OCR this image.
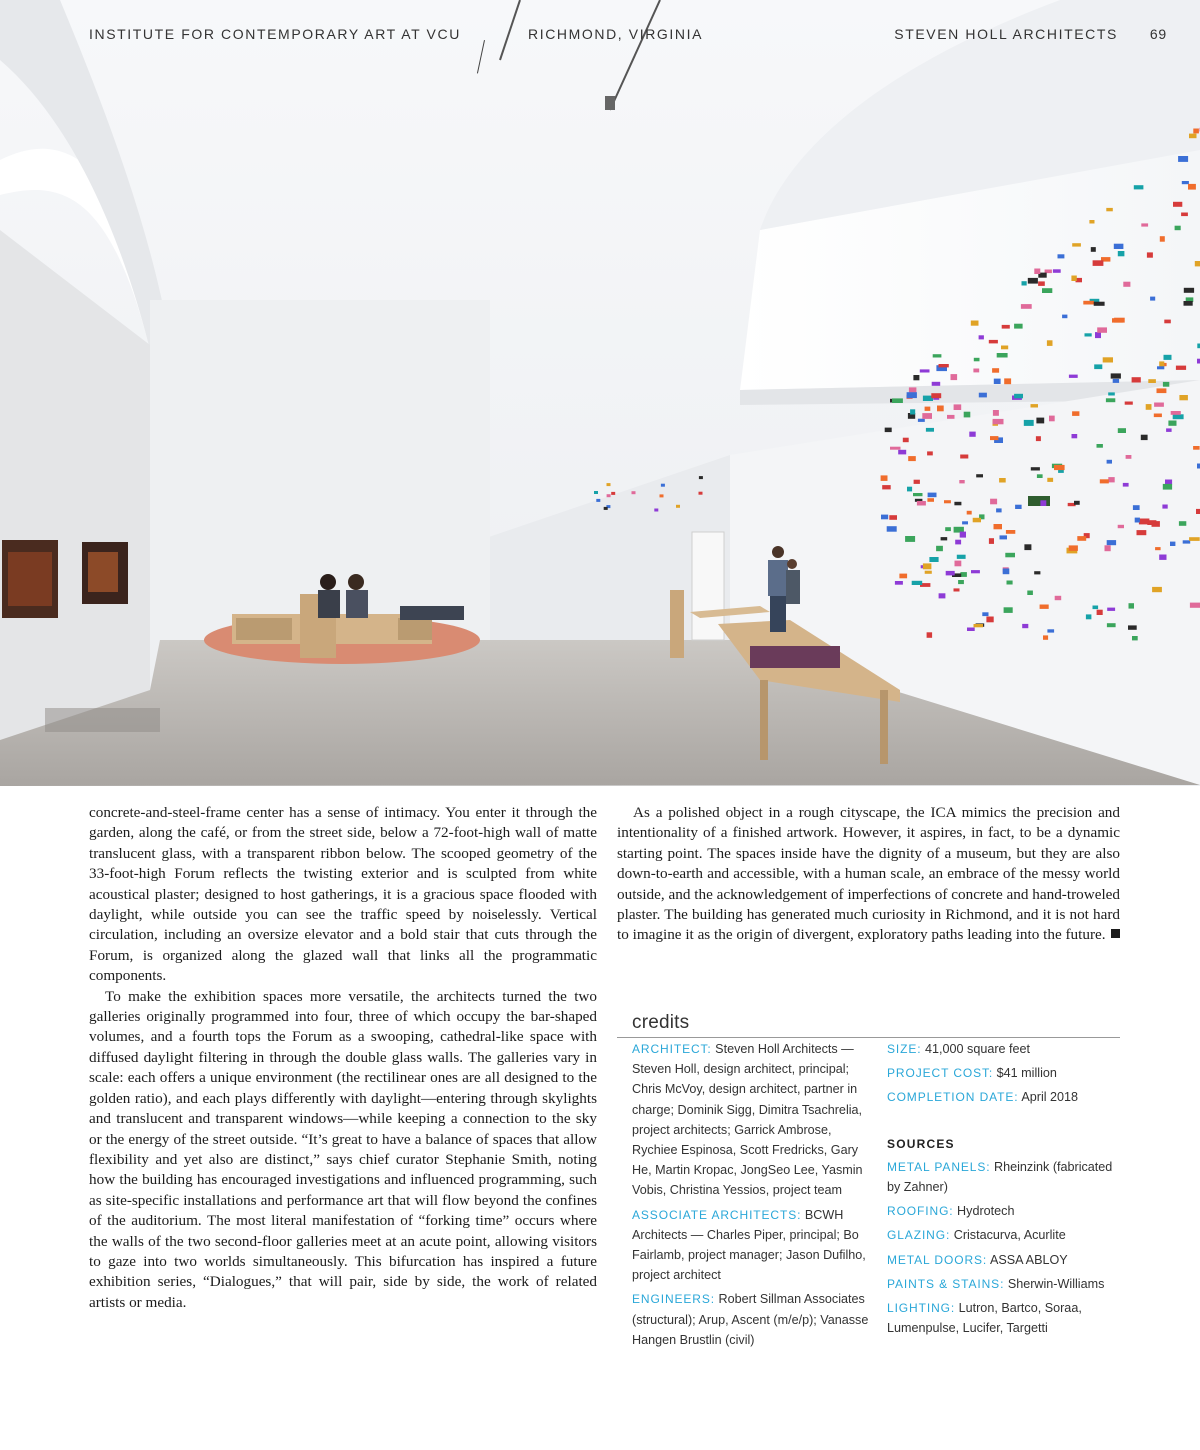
INSTITUTE FOR CONTEMPORARY ART AT VCU	RICHMOND, VIRGINIA	STEVEN HOLL ARCHITECTS 69

concrete-and-steel-frame center has a sense of intimacy. You enter it through the garden, along the café, or from the street side, below a 72-foot-high wall of matte translucent glass, with a transparent ribbon below. The scooped geometry of the 33-foot-high Forum reflects the twisting exterior and is sculpted from white acoustical plaster; designed to host gatherings, it is a gracious space flooded with daylight, while outside you can see the traffic speed by noiselessly. Vertical circulation, including an oversize elevator and a bold stair that cuts through the Forum, is organized along the glazed wall that links all the programmatic components.

To make the exhibition spaces more versatile, the architects turned the two galleries originally programmed into four, three of which occupy the bar-shaped volumes, and a fourth tops the Forum as a swooping, cathedral-like space with diffused daylight filtering in through the double glass walls. The galleries vary in scale: each offers a unique environment (the rectilinear ones are all designed to the golden ratio), and each plays differently with daylight—entering through skylights and translucent and transparent windows—while keeping a connection to the sky or the energy of the street outside. “It’s great to have a balance of spaces that allow flexibility and yet also are distinct,” says chief curator Stephanie Smith, noting how the building has encouraged investigations and influenced programming, such as site-specific installations and performance art that will flow beyond the confines of the auditorium. The most literal manifestation of “forking time” occurs where the walls of the two second-floor galleries meet at an acute point, allowing visitors to gaze into two worlds simultaneously. This bifurcation has inspired a future exhibition series, “Dialogues,” that will pair, side by side, the work of related artists or media.

As a polished object in a rough cityscape, the ICA mimics the precision and intentionality of a finished artwork. However, it aspires, in fact, to be a dynamic starting point. The spaces inside have the dignity of a museum, but they are also down-to-earth and accessible, with a human scale, an embrace of the messy world outside, and the acknowledgement of imperfections of concrete and hand-troweled plaster. The building has generated much curiosity in Richmond, and it is not hard to imagine it as the origin of divergent, exploratory paths leading into the future.

credits

ARCHITECT: Steven Holl Architects — Steven Holl, design architect, principal; Chris McVoy, design architect, partner in charge; Dominik Sigg, Dimitra Tsachrelia, project architects; Garrick Ambrose, Rychiee Espinosa, Scott Fredricks, Gary He, Martin Kropac, JongSeo Lee, Yasmin Vobis, Christina Yessios, project team

ASSOCIATE ARCHITECTS: BCWH Architects — Charles Piper, principal; Bo Fairlamb, project manager; Jason Dufilho, project architect

ENGINEERS: Robert Sillman Associates (structural); Arup, Ascent (m/e/p); Vanasse Hangen Brustlin (civil)

SIZE: 41,000 square feet

PROJECT COST: $41 million

COMPLETION DATE: April 2018

SOURCES

METAL PANELS: Rheinzink (fabricated by Zahner)

ROOFING: Hydrotech

GLAZING: Cristacurva, Acurlite

METAL DOORS: ASSA ABLOY

PAINTS & STAINS: Sherwin-Williams

LIGHTING: Lutron, Bartco, Soraa, Lumenpulse, Lucifer, Targetti
